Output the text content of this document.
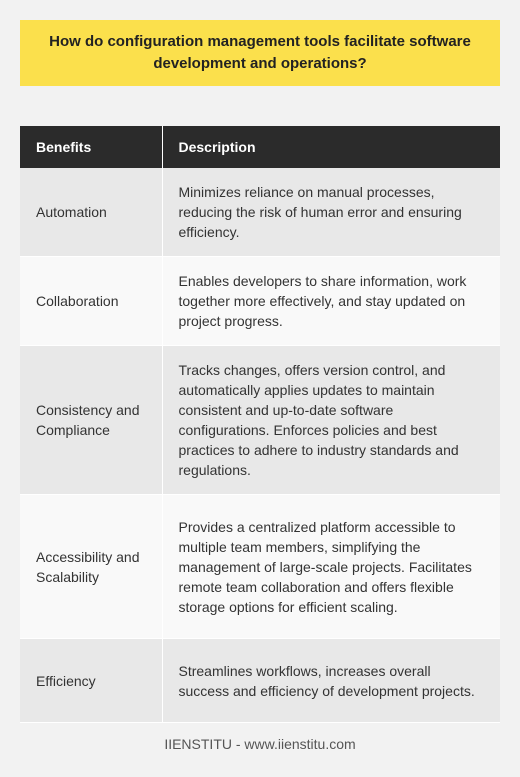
How do configuration management tools facilitate software development and operations?
Benefits	Description
Automation	Minimizes reliance on manual processes, reducing the risk of human error and ensuring efficiency.
Collaboration	Enables developers to share information, work together more effectively, and stay updated on project progress.
Consistency and Compliance	Tracks changes, offers version control, and automatically applies updates to maintain consistent and up-to-date software configurations. Enforces policies and best practices to adhere to industry standards and regulations.
Accessibility and Scalability	Provides a centralized platform accessible to multiple team members, simplifying the management of large-scale projects. Facilitates remote team collaboration and offers flexible storage options for efficient scaling.
Efficiency	Streamlines workflows, increases overall success and efficiency of development projects.
IIENSTITU - www.iienstitu.com
